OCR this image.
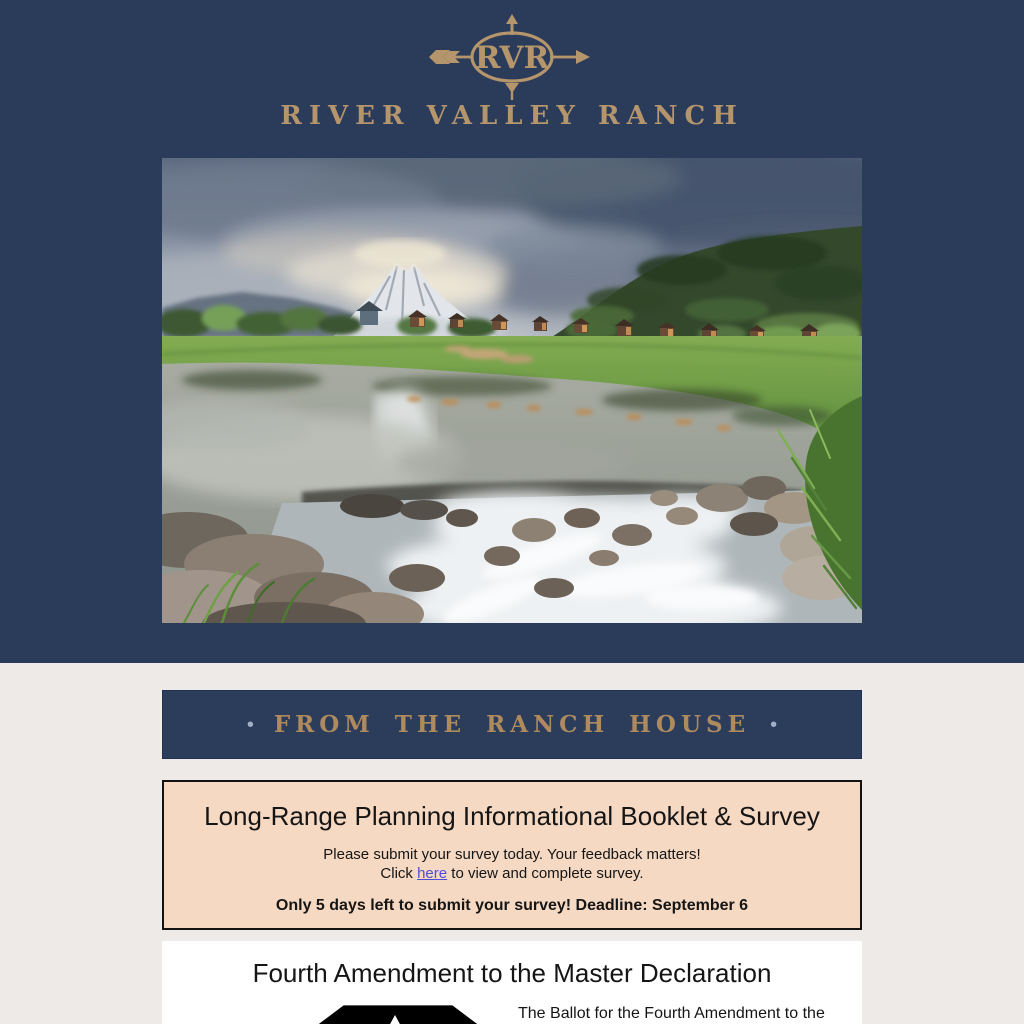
RVR
RIVER VALLEY RANCH
• FROM THE RANCH HOUSE •
Long-Range Planning Informational Booklet & Survey

Please submit your survey today. Your feedback matters!

Click here to view and complete survey.

Only 5 days left to submit your survey! Deadline: September 6

Fourth Amendment to the Master Declaration

The Ballot for the Fourth Amendment to the
